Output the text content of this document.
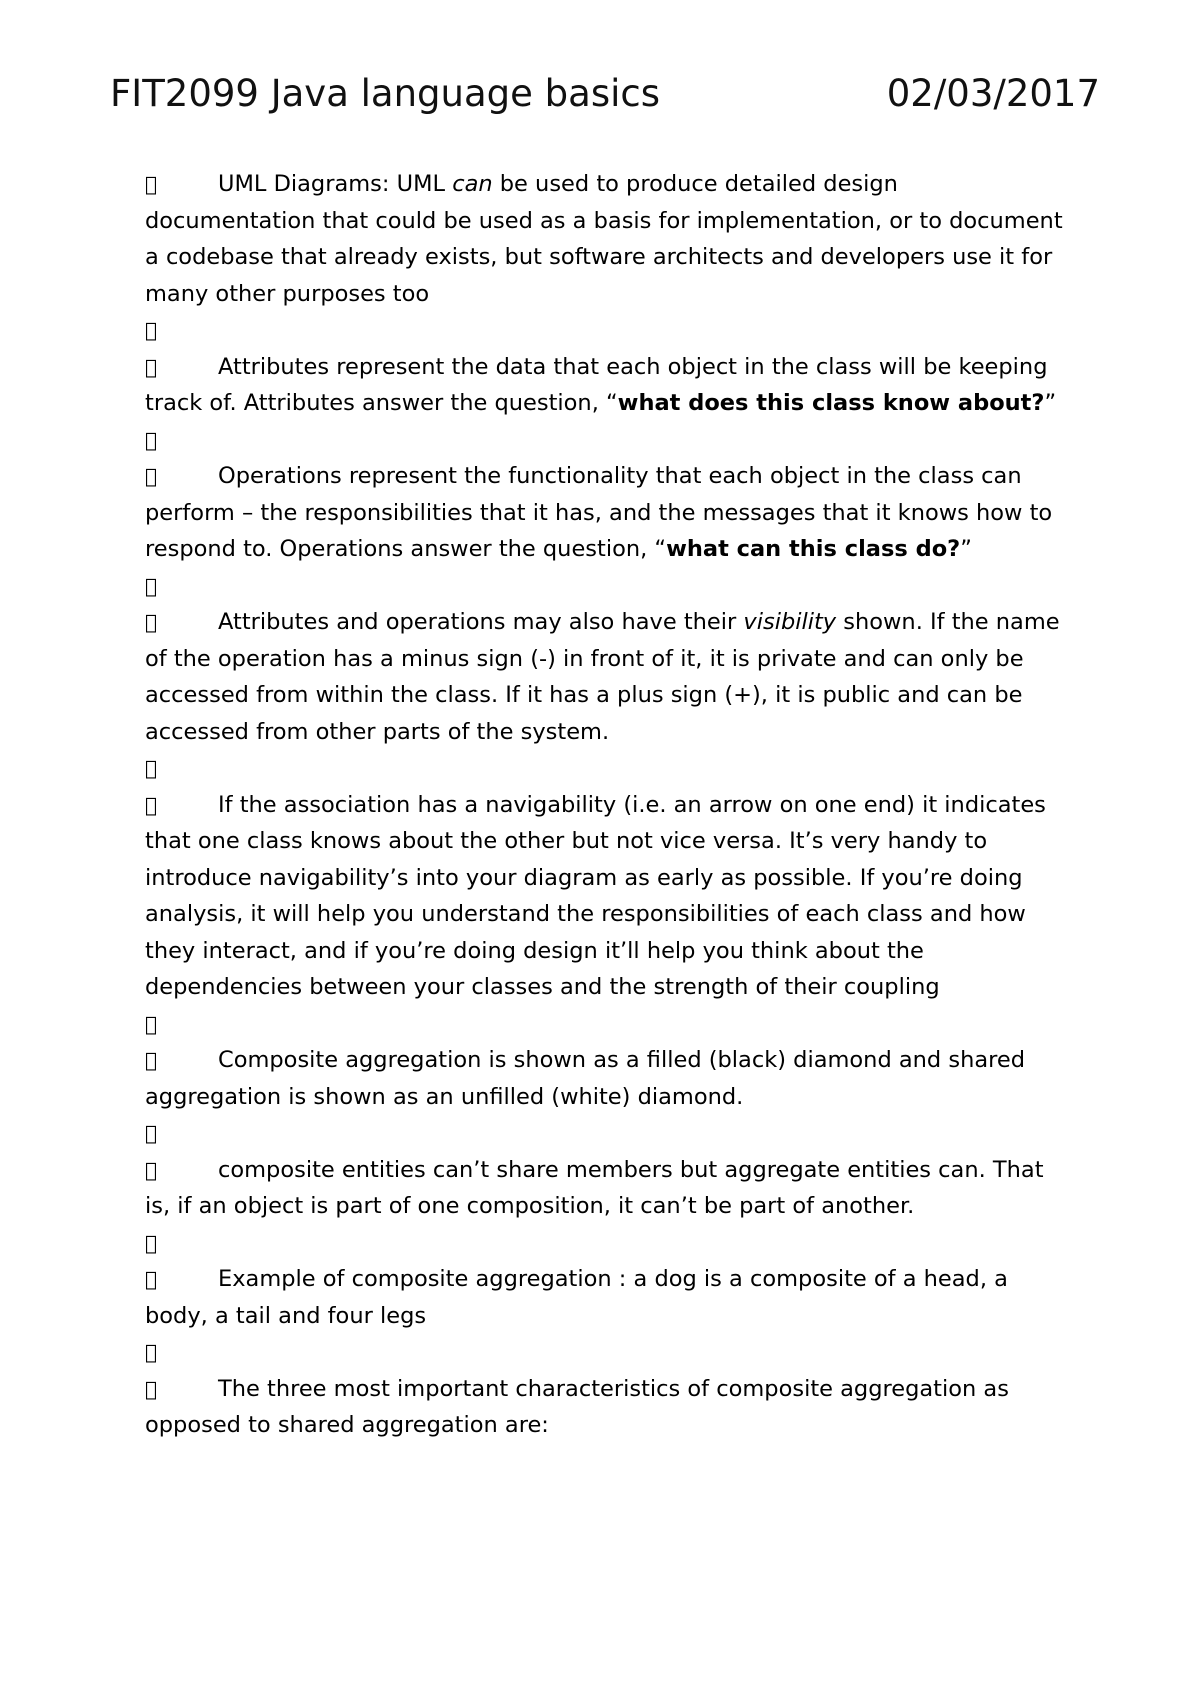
FIT2099 Java language basics	02/03/2017

UML Diagrams: UML can be used to produce detailed design documentation that could be used as a basis for implementation, or to document a codebase that already exists, but software architects and developers use it for many other purposes too

Attributes represent the data that each object in the class will be keeping track of. Attributes answer the question, “what does this class know about?”

Operations represent the functionality that each object in the class can perform – the responsibilities that it has, and the messages that it knows how to respond to. Operations answer the question, “what can this class do?”

Attributes and operations may also have their visibility shown. If the name of the operation has a minus sign (-) in front of it, it is private and can only be accessed from within the class. If it has a plus sign (+), it is public and can be accessed from other parts of the system.

If the association has a navigability (i.e. an arrow on one end) it indicates that one class knows about the other but not vice versa. It’s very handy to introduce navigability’s into your diagram as early as possible. If you’re doing analysis, it will help you understand the responsibilities of each class and how they interact, and if you’re doing design it’ll help you think about the dependencies between your classes and the strength of their coupling

Composite aggregation is shown as a filled (black) diamond and shared aggregation is shown as an unfilled (white) diamond.

composite entities can’t share members but aggregate entities can. That is, if an object is part of one composition, it can’t be part of another.

Example of composite aggregation : a dog is a composite of a head, a body, a tail and four legs

The three most important characteristics of composite aggregation as opposed to shared aggregation are:
